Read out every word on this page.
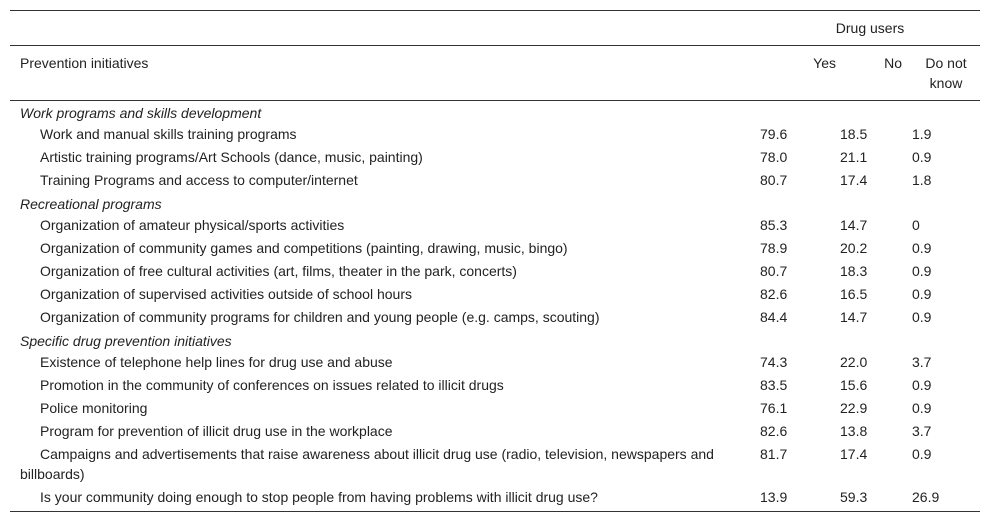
	Drug users		
Prevention initiatives	Yes	No	Do not
know
Work programs and skills development			
Work and manual skills training programs	79.6	18.5	1.9
Artistic training programs/Art Schools (dance, music, painting)	78.0	21.1	0.9
Training Programs and access to computer/internet	80.7	17.4	1.8
Recreational programs			
Organization of amateur physical/sports activities	85.3	14.7	0
Organization of community games and competitions (painting, drawing, music, bingo)	78.9	20.2	0.9
Organization of free cultural activities (art, films, theater in the park, concerts)	80.7	18.3	0.9
Organization of supervised activities outside of school hours	82.6	16.5	0.9
Organization of community programs for children and young people (e.g. camps, scouting)	84.4	14.7	0.9
Specific drug prevention initiatives			
Existence of telephone help lines for drug use and abuse	74.3	22.0	3.7
Promotion in the community of conferences on issues related to illicit drugs	83.5	15.6	0.9
Police monitoring	76.1	22.9	0.9
Program for prevention of illicit drug use in the workplace	82.6	13.8	3.7
Campaigns and advertisements that raise awareness about illicit drug use (radio, television, newspapers and billboards)	81.7	17.4	0.9
Is your community doing enough to stop people from having problems with illicit drug use?	13.9	59.3	26.9
